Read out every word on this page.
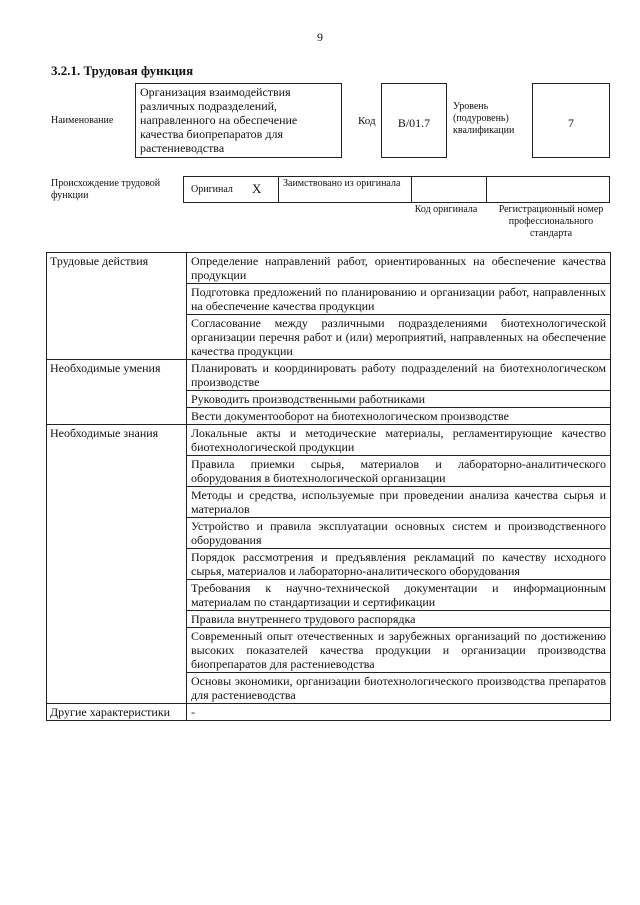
9
3.2.1. Трудовая функция
Наименование
Организация взаимодействия различных подразделений, направленного на обеспечение качества биопрепаратов для растениеводства
Код	B/01.7
Уровень (подуровень) квалификации
7
Происхождение трудовой функции
Оригинал X Заимствовано из оригинала
Код оригинала	Регистрационный номер профессионального стандарта
Трудовые действия	Определение направлений работ, ориентированных на обеспечение качества продукции
	Подготовка предложений по планированию и организации работ, направленных на обеспечение качества продукции
	Согласование между различными подразделениями биотехнологической организации перечня работ и (или) мероприятий, направленных на обеспечение качества продукции
Необходимые умения	Планировать и координировать работу подразделений на биотехнологическом производстве
	Руководить производственными работниками
	Вести документооборот на биотехнологическом производстве
Необходимые знания	Локальные акты и методические материалы, регламентирующие качество биотехнологической продукции
	Правила приемки сырья, материалов и лабораторно-аналитического оборудования в биотехнологической организации
	Методы и средства, используемые при проведении анализа качества сырья и материалов
	Устройство и правила эксплуатации основных систем и производственного оборудования
	Порядок рассмотрения и предъявления рекламаций по качеству исходного сырья, материалов и лабораторно-аналитического оборудования
	Требования к научно-технической документации и информационным материалам по стандартизации и сертификации
	Правила внутреннего трудового распорядка
	Современный опыт отечественных и зарубежных организаций по достижению высоких показателей качества продукции и организации производства биопрепаратов для растениеводства
	Основы экономики, организации биотехнологического производства препаратов для растениеводства
Другие характеристики	-
